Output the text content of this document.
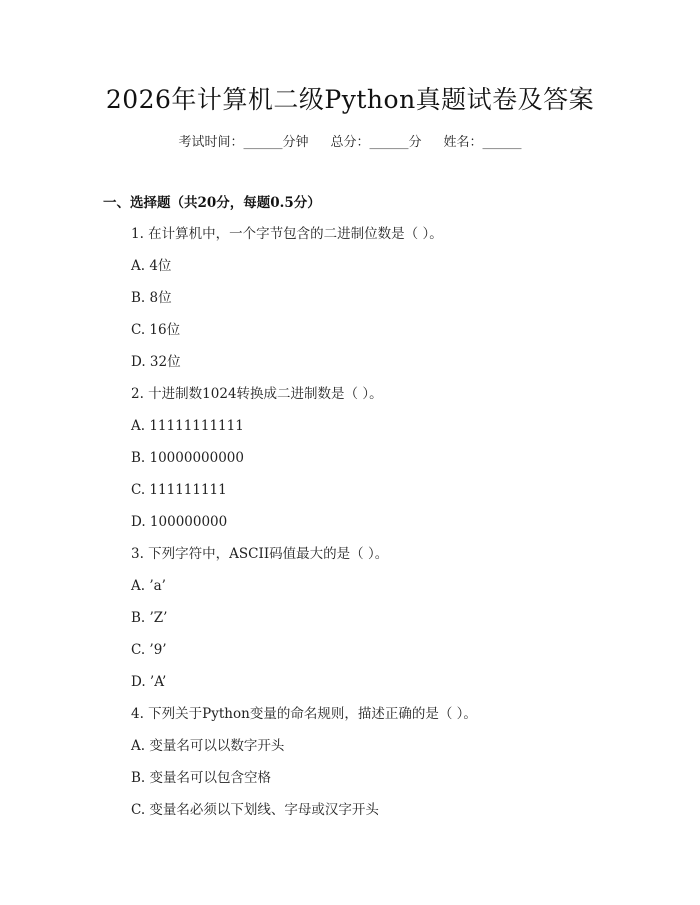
2026年计算机二级Python真题试卷及答案
考试时间：______分钟 总分：______分 姓名：______
一、选择题（共20分，每题0.5分）
1. 在计算机中，一个字节包含的二进制位数是（ ）。
A. 4位
B. 8位
C. 16位
D. 32位
2. 十进制数1024转换成二进制数是（ ）。
A. 11111111111
B. 10000000000
C. 111111111
D. 100000000
3. 下列字符中，ASCII码值最大的是（ ）。
A. ’a’
B. ’Z’
C. ’9’
D. ’A’
4. 下列关于Python变量的命名规则，描述正确的是（ ）。
A. 变量名可以以数字开头
B. 变量名可以包含空格
C. 变量名必须以下划线、字母或汉字开头
